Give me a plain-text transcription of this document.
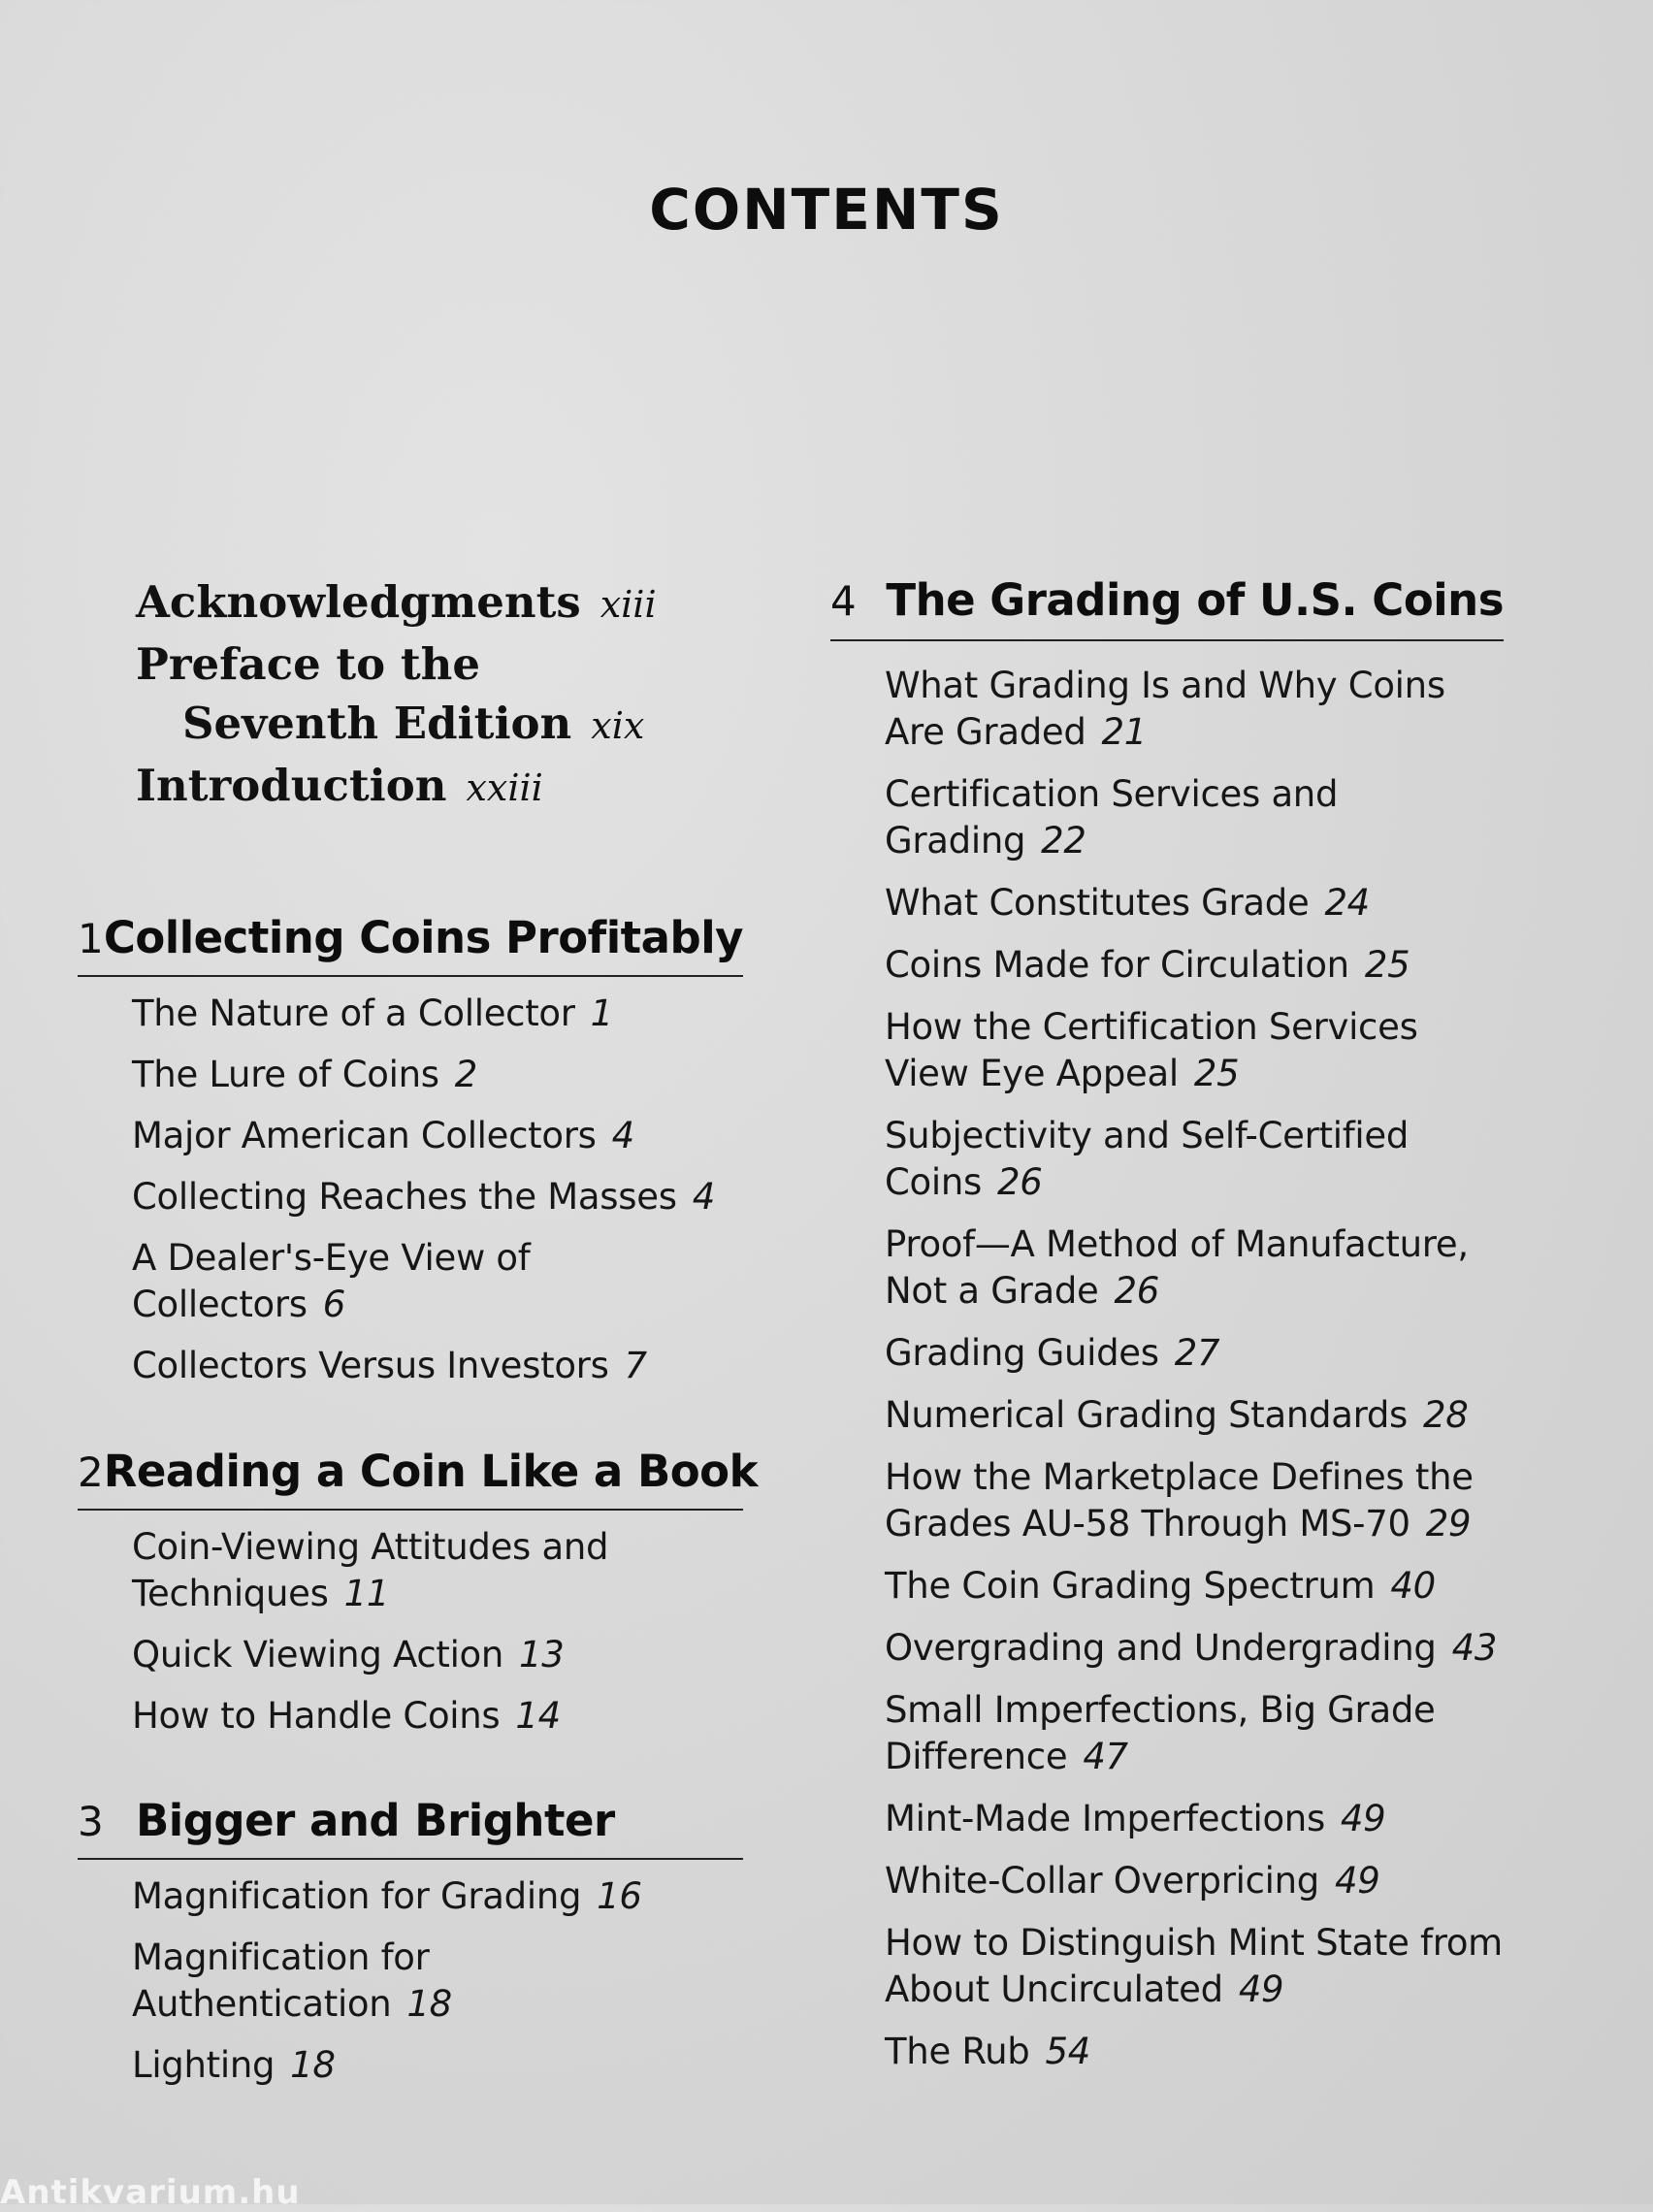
CONTENTS
Acknowledgments xiii
Preface to the
Seventh Edition xix
Introduction xxiii
1 Collecting Coins Profitably
The Nature of a Collector 1
The Lure of Coins 2
Major American Collectors 4
Collecting Reaches the Masses 4
A Dealer's-Eye View of Collectors 6
Collectors Versus Investors 7
2 Reading a Coin Like a Book
Coin-Viewing Attitudes and Techniques 11
Quick Viewing Action 13
How to Handle Coins 14
3 Bigger and Brighter
Magnification for Grading 16
Magnification for Authentication 18
Lighting 18
4 The Grading of U.S. Coins
What Grading Is and Why Coins Are Graded 21
Certification Services and Grading 22
What Constitutes Grade 24
Coins Made for Circulation 25
How the Certification Services View Eye Appeal 25
Subjectivity and Self-Certified Coins 26
Proof—A Method of Manufacture, Not a Grade 26
Grading Guides 27
Numerical Grading Standards 28
How the Marketplace Defines the Grades AU-58 Through MS-70 29
The Coin Grading Spectrum 40
Overgrading and Undergrading 43
Small Imperfections, Big Grade Difference 47
Mint-Made Imperfections 49
White-Collar Overpricing 49
How to Distinguish Mint State from About Uncirculated 49
The Rub 54
Antikvarium.hu
